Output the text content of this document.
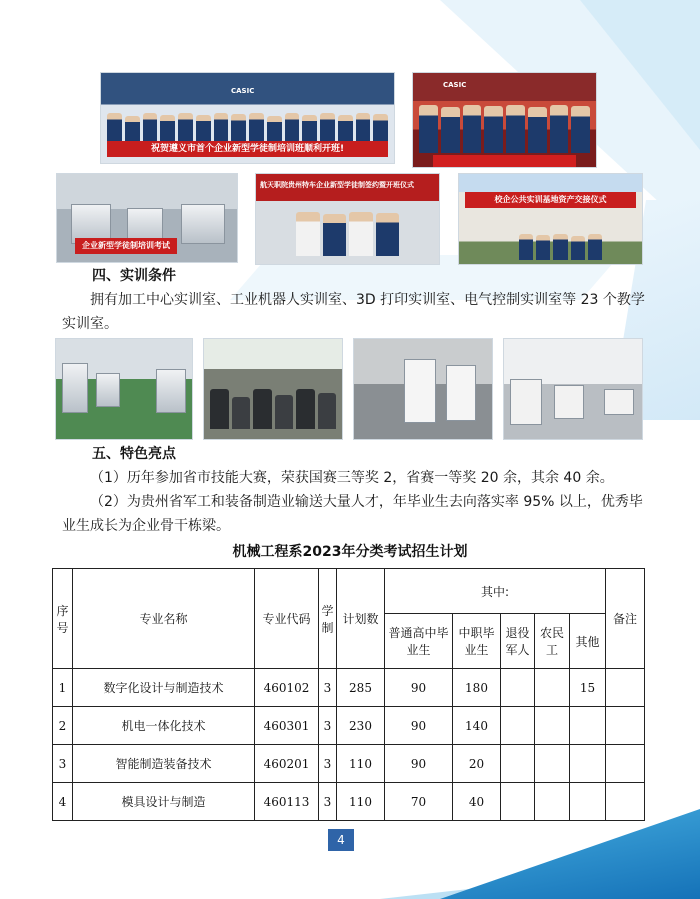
CASIC
祝贺遵义市首个企业新型学徒制培训班顺利开班!
CASIC
企业新型学徒制培训考试
航天职院贵州特车企业新型学徒制签约暨开班仪式
校企公共实训基地资产交接仪式
四、实训条件
拥有加工中心实训室、工业机器人实训室、3D 打印实训室、电气控制实训室等 23 个教学实训室。
五、特色亮点
（1）历年参加省市技能大赛，荣获国赛三等奖 2，省赛一等奖 20 余，其余 40 余。
（2）为贵州省军工和装备制造业输送大量人才，年毕业生去向落实率 95% 以上，优秀毕业生成长为企业骨干栋梁。
机械工程系2023年分类考试招生计划
序号	专业名称	专业代码	学制	计划数	其中:					备注
					普通高中毕业生	中职毕业生	退役军人	农民工	其他	
1	数字化设计与制造技术	460102	3	285	90	180			15	
2	机电一体化技术	460301	3	230	90	140				
3	智能制造装备技术	460201	3	110	90	20				
4	模具设计与制造	460113	3	110	70	40				
4
